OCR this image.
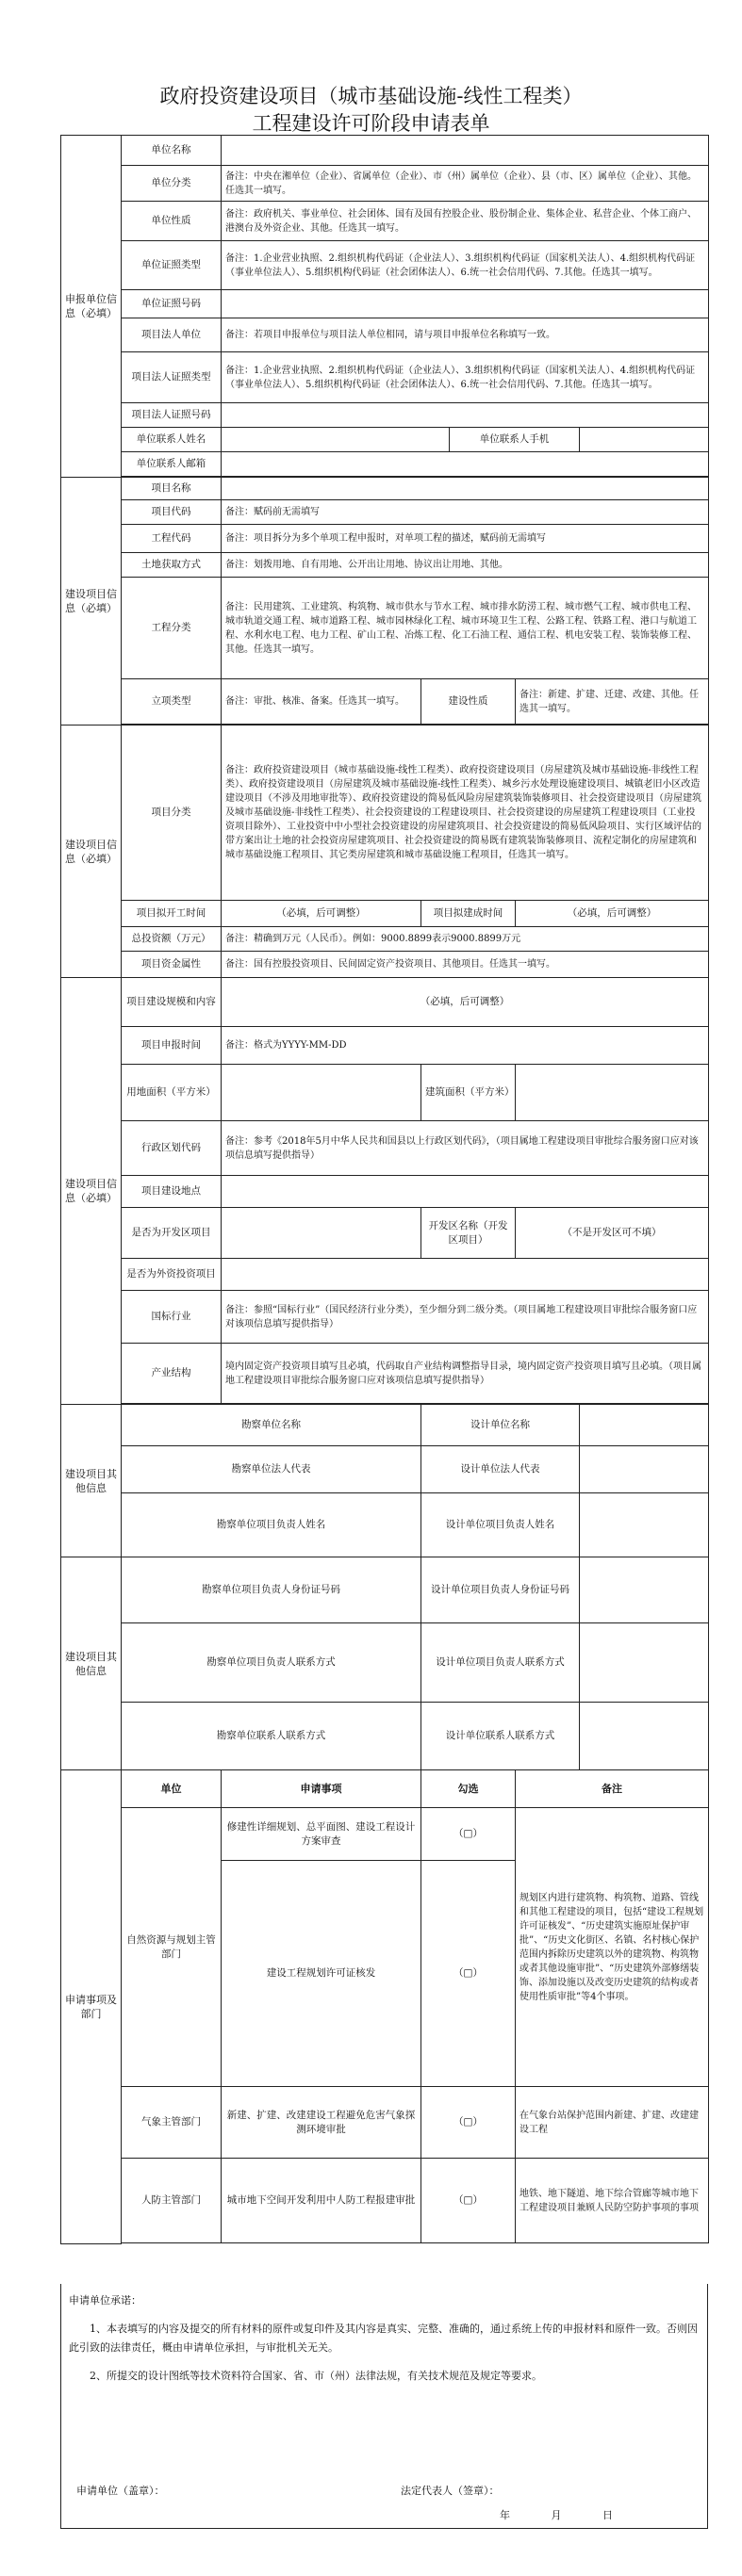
政府投资建设项目（城市基础设施-线性工程类）
工程建设许可阶段申请表单
申报单位信息（必填）	单位名称					
	单位分类	备注：中央在湘单位（企业）、省属单位（企业）、市（州）属单位（企业）、县（市、区）属单位（企业）、其他。任选其一填写。				
	单位性质	备注：政府机关、事业单位、社会团体、国有及国有控股企业、股份制企业、集体企业、私营企业、个体工商户、港澳台及外资企业、其他。任选其一填写。				
	单位证照类型	备注：1.企业营业执照、2.组织机构代码证（企业法人）、3.组织机构代码证（国家机关法人）、4.组织机构代码证（事业单位法人）、5.组织机构代码证（社会团体法人）、6.统一社会信用代码、7.其他。任选其一填写。				
	单位证照号码					
	项目法人单位	备注：若项目申报单位与项目法人单位相同，请与项目申报单位名称填写一致。				
	项目法人证照类型	备注：1.企业营业执照、2.组织机构代码证（企业法人）、3.组织机构代码证（国家机关法人）、4.组织机构代码证（事业单位法人）、5.组织机构代码证（社会团体法人）、6.统一社会信用代码、7.其他。任选其一填写。				
	项目法人证照号码					
	单位联系人姓名			单位联系人手机		
	单位联系人邮箱					

建设项目信息（必填）	项目名称					
	项目代码	备注：赋码前无需填写				
	工程代码	备注：项目拆分为多个单项工程申报时，对单项工程的描述，赋码前无需填写				
	土地获取方式	备注：划拨用地、自有用地、公开出让用地、协议出让用地、其他。				
	工程分类	备注：民用建筑、工业建筑、构筑物、城市供水与节水工程、城市排水防涝工程、城市燃气工程、城市供电工程、城市轨道交通工程、城市道路工程、城市园林绿化工程、城市环境卫生工程、公路工程、铁路工程、港口与航道工程、水利水电工程、电力工程、矿山工程、冶炼工程、化工石油工程、通信工程、机电安装工程、装饰装修工程、其他。任选其一填写。				
	立项类型	备注：审批、核准、备案。任选其一填写。	建设性质		备注：新建、扩建、迁建、改建、其他。任选其一填写。	

建设项目信息（必填）	项目分类	备注：政府投资建设项目（城市基础设施-线性工程类）、政府投资建设项目（房屋建筑及城市基础设施-非线性工程类）、政府投资建设项目（房屋建筑及城市基础设施-线性工程类）、城乡污水处理设施建设项目、城镇老旧小区改造建设项目（不涉及用地审批等）、政府投资建设的简易低风险房屋建筑装饰装修项目、社会投资建设项目（房屋建筑及城市基础设施-非线性工程类）、社会投资建设的工程建设项目、社会投资建设的房屋建筑工程建设项目（工业投资项目除外）、工业投资中中小型社会投资建设的房屋建筑项目、社会投资建设的简易低风险项目、实行区域评估的带方案出让土地的社会投资房屋建筑项目、社会投资建设的简易既有建筑装饰装修项目、流程定制化的房屋建筑和城市基础设施工程项目、其它类房屋建筑和城市基础设施工程项目，任选其一填写。				
	项目拟开工时间	（必填，后可调整）	项目拟建成时间		（必填，后可调整）	
	总投资额（万元）	备注：精确到万元（人民币）。例如：9000.8899表示9000.8899万元				
	项目资金属性	备注：国有控股投资项目、民间固定资产投资项目、其他项目。任选其一填写。				
建设项目信息（必填）	项目建设规模和内容	（必填，后可调整）				
	项目申报时间	备注：格式为YYYY-MM-DD				
	用地面积（平方米）		建筑面积（平方米）			
	行政区划代码	备注：参考《2018年5月中华人民共和国县以上行政区划代码》，（项目属地工程建设项目审批综合服务窗口应对该项信息填写提供指导）				
	项目建设地点					
	是否为开发区项目		开发区名称（开发区项目）		（不是开发区可不填）	
	是否为外资投资项目					
	国标行业	备注：参照“国标行业”（国民经济行业分类），至少细分到二级分类。（项目属地工程建设项目审批综合服务窗口应对该项信息填写提供指导）				
	产业结构	境内固定资产投资项目填写且必填，代码取自产业结构调整指导目录，境内固定资产投资项目填写且必填。（项目属地工程建设项目审批综合服务窗口应对该项信息填写提供指导）				

建设项目其他信息	勘察单位名称		设计单位名称			
	勘察单位法人代表		设计单位法人代表			
	勘察单位项目负责人姓名		设计单位项目负责人姓名			
建设项目其他信息	勘察单位项目负责人身份证号码		设计单位项目负责人身份证号码			
	勘察单位项目负责人联系方式		设计单位项目负责人联系方式			
	勘察单位联系人联系方式		设计单位联系人联系方式			
申请事项及部门	单位	申请事项	勾选		备注	
	自然资源与规划主管部门	修建性详细规划、总平面图、建设工程设计方案审查	（□）		规划区内进行建筑物、构筑物、道路、管线和其他工程建设的项目，包括“建设工程规划许可证核发”、“历史建筑实施原址保护审批”、“历史文化街区、名镇、名村核心保护范围内拆除历史建筑以外的建筑物、构筑物或者其他设施审批”、“历史建筑外部修缮装饰、添加设施以及改变历史建筑的结构或者使用性质审批”等4个事项。	
		建设工程规划许可证核发	（□）			
	气象主管部门	新建、扩建、改建建设工程避免危害气象探测环境审批	（□）		在气象台站保护范围内新建、扩建、改建建设工程	
	人防主管部门	城市地下空间开发利用中人防工程报建审批	（□）		地铁、地下隧道、地下综合管廊等城市地下工程建设项目兼顾人民防空防护事项的事项	

申请单位承诺：

1、本表填写的内容及提交的所有材料的原件或复印件及其内容是真实、完整、准确的，通过系统上传的申报材料和原件一致。否则因此引致的法律责任，概由申请单位承担，与审批机关无关。

2、所提交的设计图纸等技术资料符合国家、省、市（州）法律法规，有关技术规范及规定等要求。

申请单位（盖章）：	法定代表人（签章）：
年 月 日
